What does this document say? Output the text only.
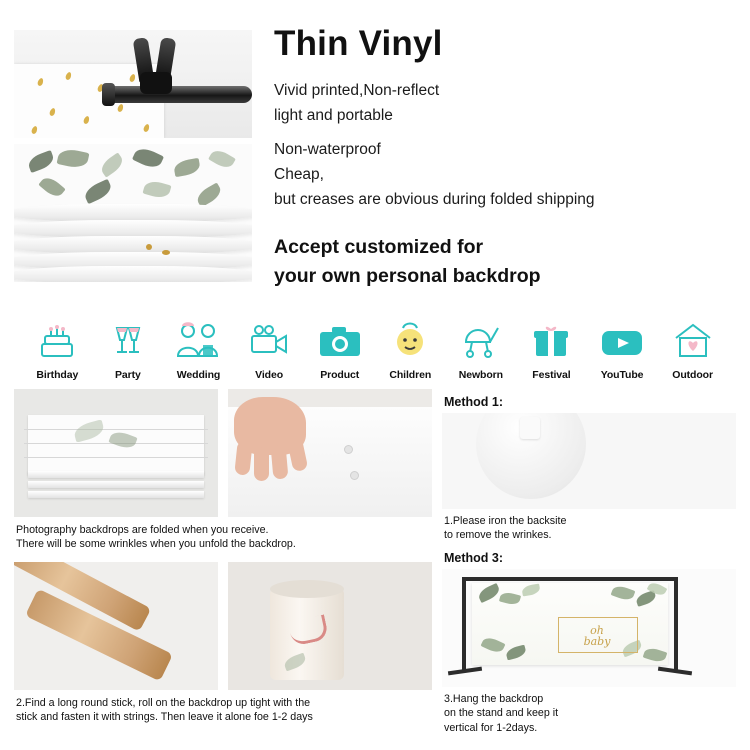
Thin Vinyl

Vivid printed,Non-reflect

light and portable

Non-waterproof

Cheap,

but creases are obvious during folded shipping

Accept customized for
your own personal backdrop
Birthday	Party	Wedding	Video	Product	Children	Newborn	Festival	YouTube	Outdoor
Photography backdrops are folded when you receive.
There will be some wrinkles when you unfold the backdrop.
2.Find a long round stick, roll on the backdrop up tight with the
stick and fasten it with strings. Then leave it alone foe 1-2 days
Method 1:
1.Please iron the backsite
to remove the wrinkes.
Method 3:
oh
baby
3.Hang the backdrop
on the stand and keep it
vertical for 1-2days.
